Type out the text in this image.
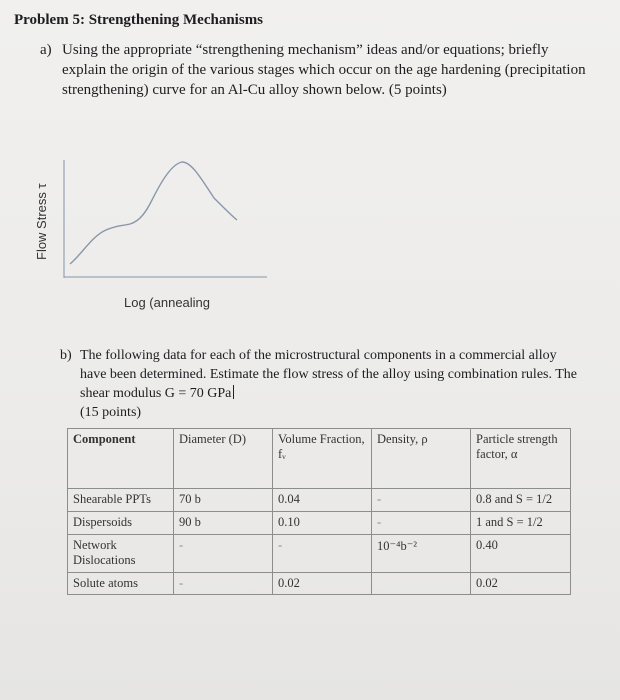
Problem 5: Strengthening Mechanisms
a) Using the appropriate “strengthening mechanism” ideas and/or equations; briefly explain the origin of the various stages which occur on the age hardening (precipitation strengthening) curve for an Al-Cu alloy shown below. (5 points)
Flow Stress τ
Log (annealing
b) The following data for each of the microstructural components in a commercial alloy have been determined. Estimate the flow stress of the alloy using combination rules. The shear modulus G = 70 GPa
(15 points)
Component	Diameter (D)	Volume Fraction, fᵥ	Density, ρ	Particle strength factor, α
Shearable PPTs	70 b	0.04	-	0.8 and S = 1/2
Dispersoids	90 b	0.10	-	1 and S = 1/2
Network Dislocations	-	-	10⁻⁴b⁻²	0.40
Solute atoms	-	0.02		0.02
